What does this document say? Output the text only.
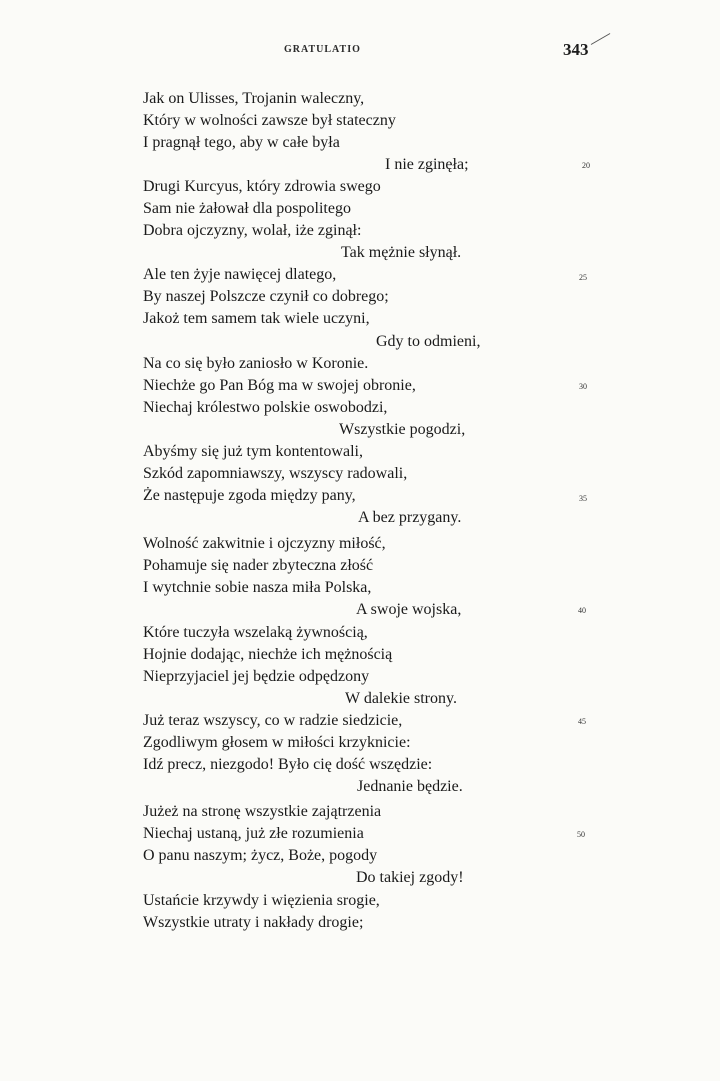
GRATULATIO	343
Jak on Ulisses, Trojanin waleczny,
Który w wolności zawsze był stateczny
I pragnął tego, aby w całe była
I nie zginęła;
Drugi Kurcyus, który zdrowia swego
Sam nie żałował dla pospolitego
Dobra ojczyzny, wolał, iże zginął:
Tak mężnie słynął.
Ale ten żyje nawięcej dlatego,
By naszej Polszcze czynił co dobrego;
Jakoż tem samem tak wiele uczyni,
Gdy to odmieni,
Na co się było zaniosło w Koronie.
Niechże go Pan Bóg ma w swojej obronie,
Niechaj królestwo polskie oswobodzi,
Wszystkie pogodzi,
Abyśmy się już tym kontentowali,
Szkód zapomniawszy, wszyscy radowali,
Że następuje zgoda między pany,
A bez przygany.
Wolność zakwitnie i ojczyzny miłość,
Pohamuje się nader zbyteczna złość
I wytchnie sobie nasza miła Polska,
A swoje wojska,
Które tuczyła wszelaką żywnością,
Hojnie dodając, niechże ich mężnością
Nieprzyjaciel jej będzie odpędzony
W dalekie strony.
Już teraz wszyscy, co w radzie siedzicie,
Zgodliwym głosem w miłości krzyknicie:
Idź precz, niezgodo! Było cię dość wszędzie:
Jednanie będzie.
Jużeż na stronę wszystkie zajątrzenia
Niechaj ustaną, już złe rozumienia
O panu naszym; życz, Boże, pogody
Do takiej zgody!
Ustańcie krzywdy i więzienia srogie,
Wszystkie utraty i nakłady drogie;
20
25
30
35
40
45
50
